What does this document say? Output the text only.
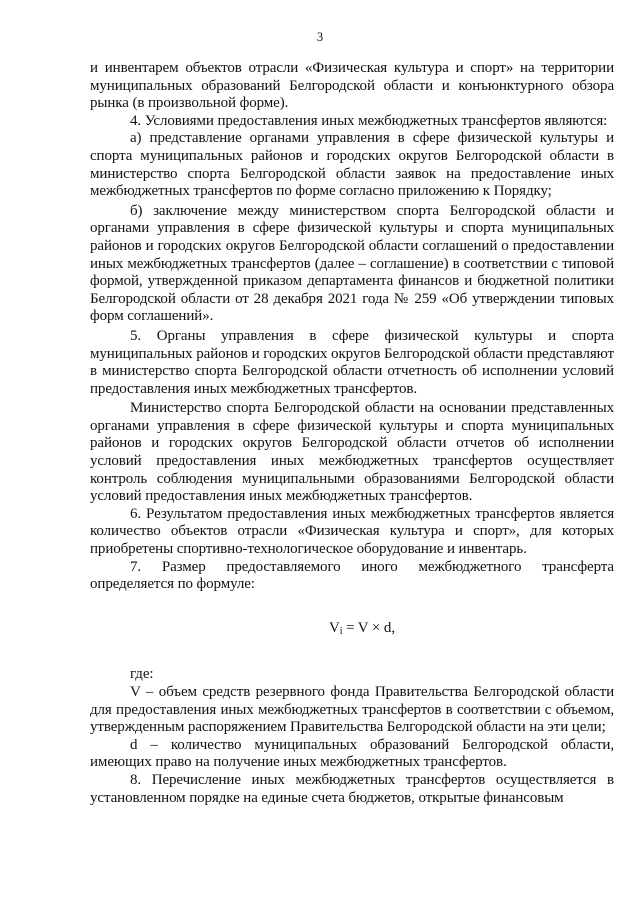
3

и инвентарем объектов отрасли «Физическая культура и спорт» на территории муниципальных образований Белгородской области и конъюнктурного обзора рынка (в произвольной форме).

4. Условиями предоставления иных межбюджетных трансфертов являются:

а) представление органами управления в сфере физической культуры и спорта муниципальных районов и городских округов Белгородской области в министерство спорта Белгородской области заявок на предоставление иных межбюджетных трансфертов по форме согласно приложению к Порядку;

б) заключение между министерством спорта Белгородской области и органами управления в сфере физической культуры и спорта муниципальных районов и городских округов Белгородской области соглашений о предоставлении иных межбюджетных трансфертов (далее – соглашение) в соответствии с типовой формой, утвержденной приказом департамента финансов и бюджетной политики Белгородской области от 28 декабря 2021 года № 259 «Об утверждении типовых форм соглашений».

5. Органы управления в сфере физической культуры и спорта муниципальных районов и городских округов Белгородской области представляют в министерство спорта Белгородской области отчетность об исполнении условий предоставления иных межбюджетных трансфертов.

Министерство спорта Белгородской области на основании представленных органами управления в сфере физической культуры и спорта муниципальных районов и городских округов Белгородской области отчетов об исполнении условий предоставления иных межбюджетных трансфертов осуществляет контроль соблюдения муниципальными образованиями Белгородской области условий предоставления иных межбюджетных трансфертов.

6. Результатом предоставления иных межбюджетных трансфертов является количество объектов отрасли «Физическая культура и спорт», для которых приобретены спортивно-технологическое оборудование и инвентарь.

7. Размер предоставляемого иного межбюджетного трансферта определяется по формуле:

$V_i = V \times d$,

где:

V – объем средств резервного фонда Правительства Белгородской области для предоставления иных межбюджетных трансфертов в соответствии с объемом, утвержденным распоряжением Правительства Белгородской области на эти цели;

d – количество муниципальных образований Белгородской области, имеющих право на получение иных межбюджетных трансфертов.

8. Перечисление иных межбюджетных трансфертов осуществляется в установленном порядке на единые счета бюджетов, открытые финансовым
